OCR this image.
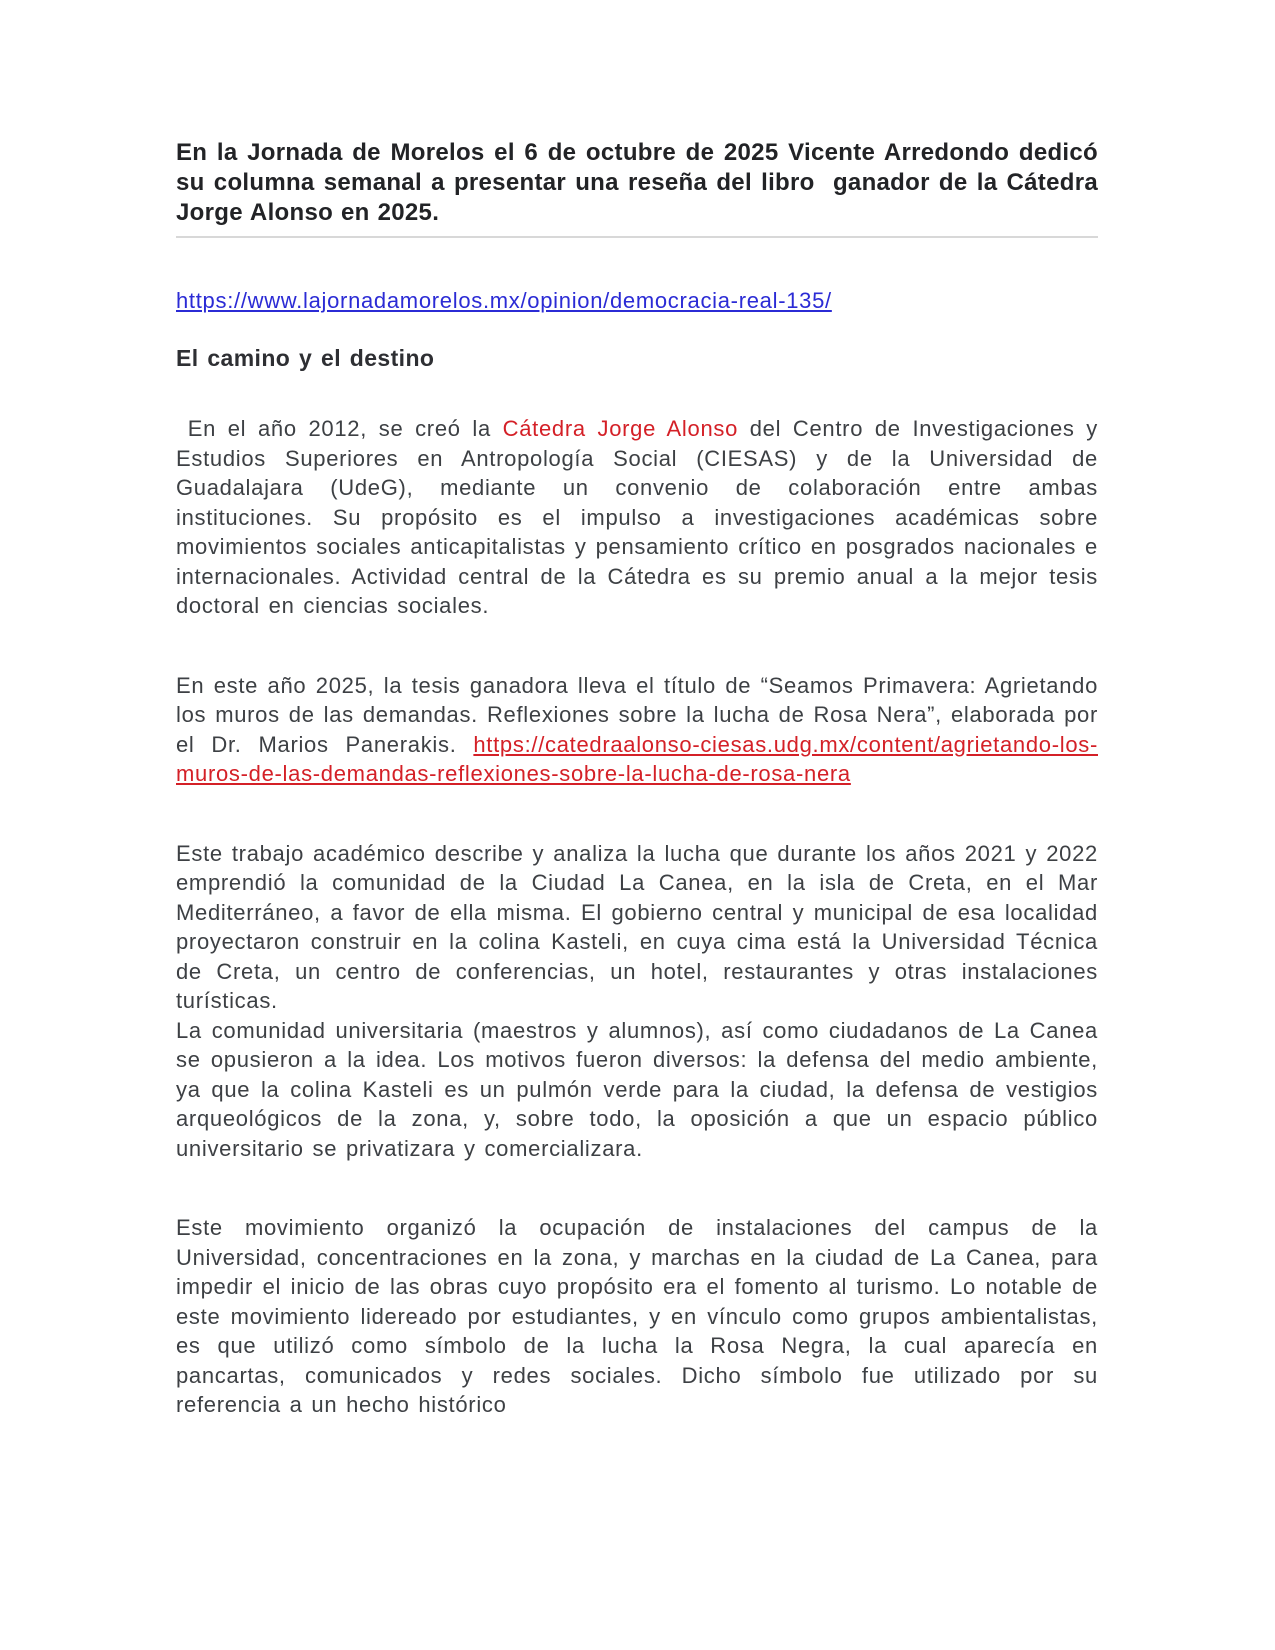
En la Jornada de Morelos el 6 de octubre de 2025 Vicente Arredondo dedicó su columna semanal a presentar una reseña del libro  ganador de la Cátedra Jorge Alonso en 2025.

https://www.lajornadamorelos.mx/opinion/democracia-real-135/

El camino y el destino

En el año 2012, se creó la Cátedra Jorge Alonso del Centro de Investigaciones y Estudios Superiores en Antropología Social (CIESAS) y de la Universidad de Guadalajara (UdeG), mediante un convenio de colaboración entre ambas instituciones. Su propósito es el impulso a investigaciones académicas sobre movimientos sociales anticapitalistas y pensamiento crítico en posgrados nacionales e internacionales. Actividad central de la Cátedra es su premio anual a la mejor tesis doctoral en ciencias sociales.

En este año 2025, la tesis ganadora lleva el título de “Seamos Primavera: Agrietando los muros de las demandas. Reflexiones sobre la lucha de Rosa Nera”, elaborada por el Dr. Marios Panerakis. https://catedraalonso-ciesas.udg.mx/content/agrietando-los-muros-de-las-demandas-reflexiones-sobre-la-lucha-de-rosa-nera

Este trabajo académico describe y analiza la lucha que durante los años 2021 y 2022 emprendió la comunidad de la Ciudad La Canea, en la isla de Creta, en el Mar Mediterráneo, a favor de ella misma. El gobierno central y municipal de esa localidad proyectaron construir en la colina Kasteli, en cuya cima está la Universidad Técnica de Creta, un centro de conferencias, un hotel, restaurantes y otras instalaciones turísticas.

La comunidad universitaria (maestros y alumnos), así como ciudadanos de La Canea se opusieron a la idea. Los motivos fueron diversos: la defensa del medio ambiente, ya que la colina Kasteli es un pulmón verde para la ciudad, la defensa de vestigios arqueológicos de la zona, y, sobre todo, la oposición a que un espacio público universitario se privatizara y comercializara.

Este movimiento organizó la ocupación de instalaciones del campus de la Universidad, concentraciones en la zona, y marchas en la ciudad de La Canea, para impedir el inicio de las obras cuyo propósito era el fomento al turismo. Lo notable de este movimiento lidereado por estudiantes, y en vínculo como grupos ambientalistas, es que utilizó como símbolo de la lucha la Rosa Negra, la cual aparecía en pancartas, comunicados y redes sociales. Dicho símbolo fue utilizado por su referencia a un hecho histórico
